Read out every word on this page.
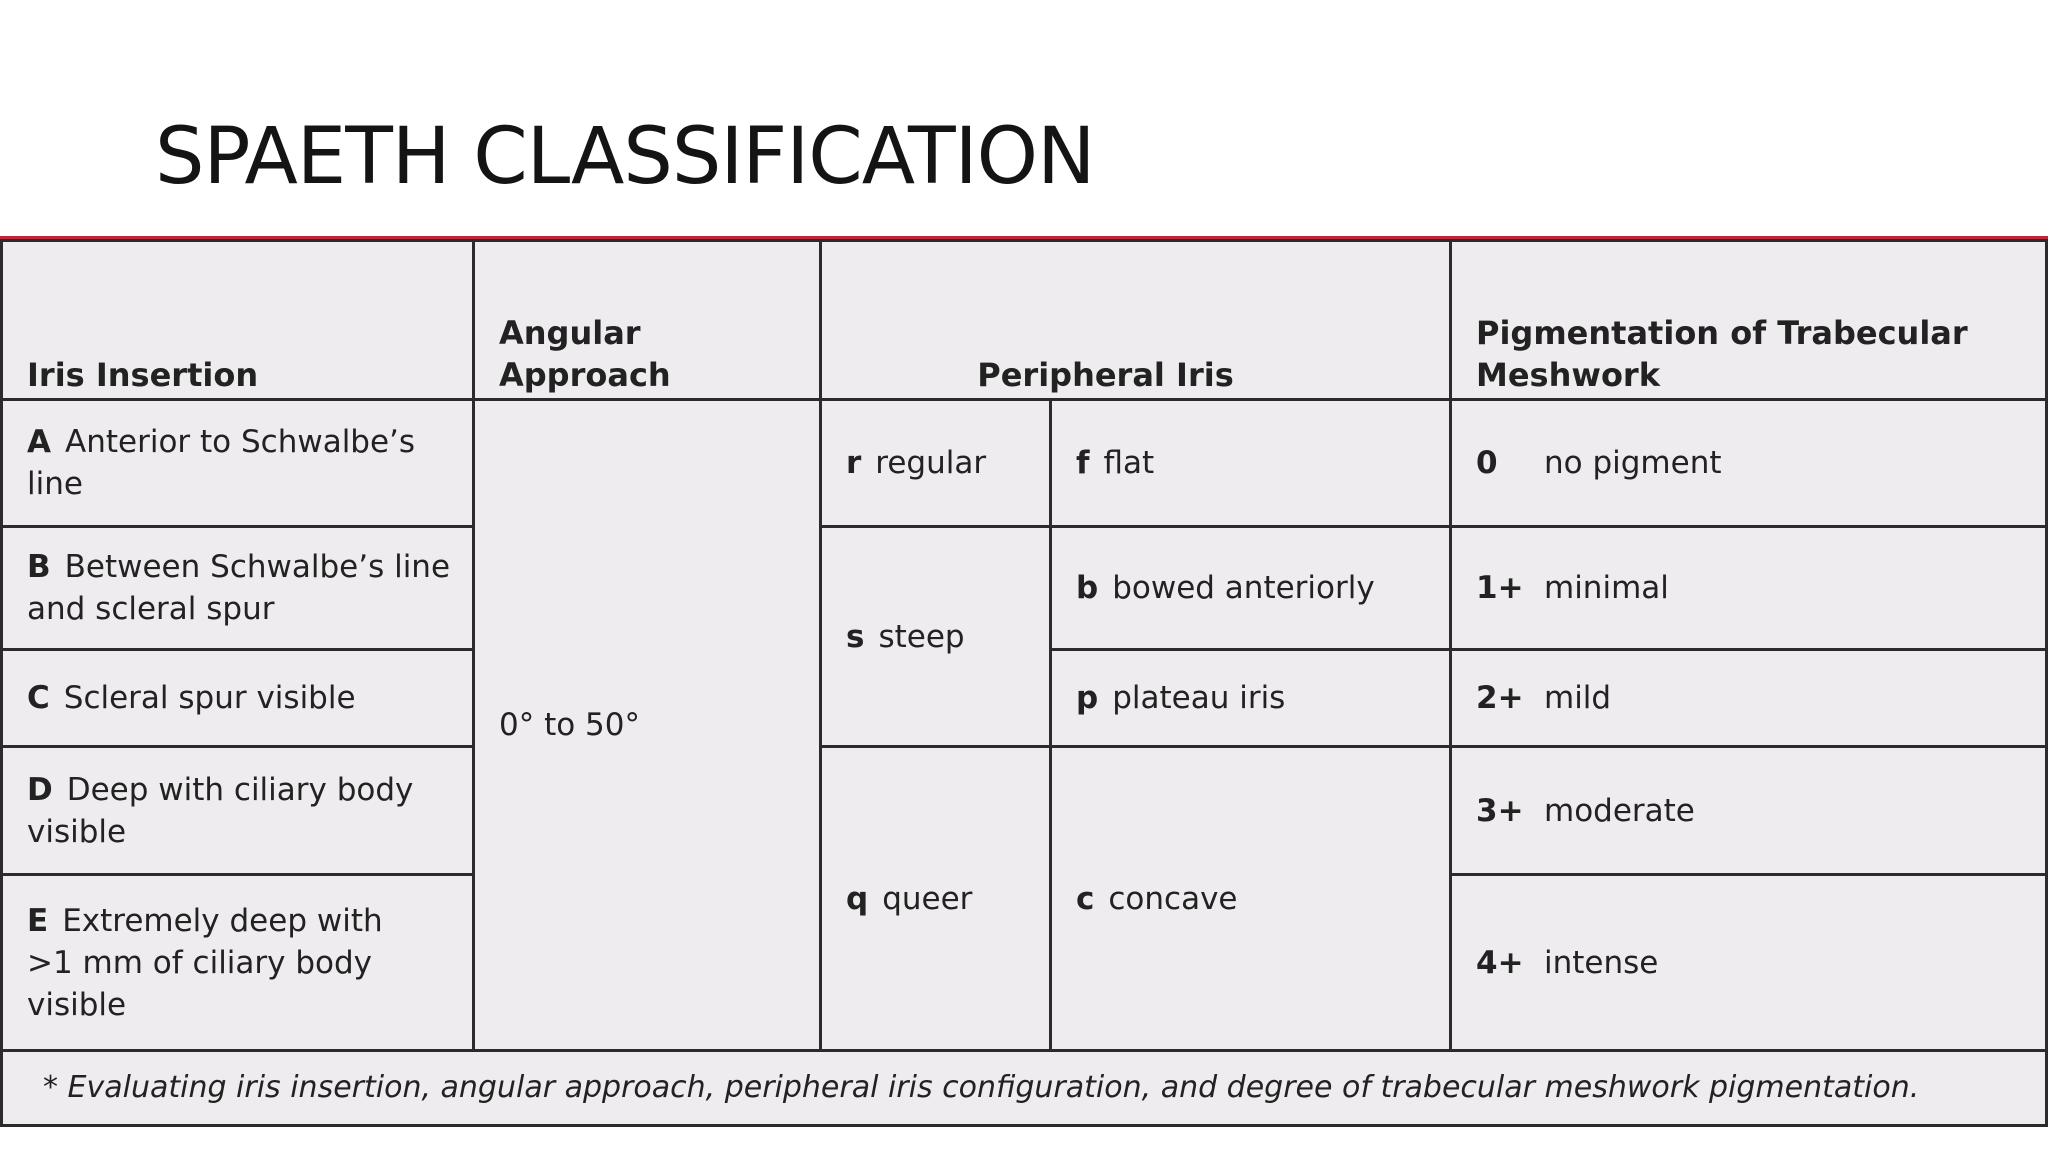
SPAETH CLASSIFICATION
Iris Insertion
Angular Approach	Peripheral Iris
Pigmentation of Trabecular Meshwork
A Anterior to Schwalbe’s line
B Between Schwalbe’s line and scleral spur
C Scleral spur visible
D Deep with ciliary body visible
E Extremely deep with >1 mm of ciliary body visible
0° to 50°
r regular
s steep
q queer
f flat
b bowed anteriorly
p plateau iris
c concave
0 no pigment
1+ minimal
2+ mild
3+ moderate
4+ intense
* Evaluating iris insertion, angular approach, peripheral iris configuration, and degree of trabecular meshwork pigmentation.
